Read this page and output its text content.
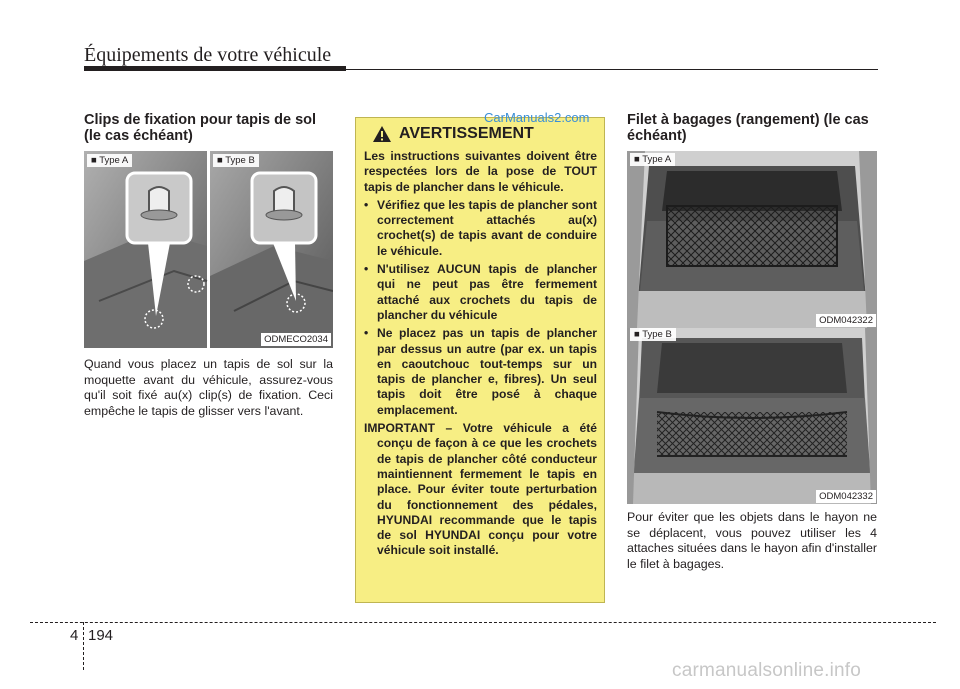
Équipements de votre véhicule
CarManuals2.com
Clips de fixation pour tapis de sol (le cas échéant)
■ Type A	■ Type B
ODMECO2034
Quand vous placez un tapis de sol sur la moquette avant du véhicule, assurez-vous qu'il soit fixé au(x) clip(s) de fixation. Ceci empêche le tapis de glisser vers l'avant.
AVERTISSEMENT

Les instructions suivantes doivent être respectées lors de la pose de TOUT tapis de plancher dans le véhicule.

• Vérifiez que les tapis de plancher sont correctement attachés au(x) crochet(s) de tapis avant de conduire le véhicule.
• N'utilisez AUCUN tapis de plancher qui ne peut pas être fermement attaché aux crochets du tapis de plancher du véhicule
• Ne placez pas un tapis de plancher par dessus un autre (par ex. un tapis en caoutchouc tout-temps sur un tapis de plancher e, fibres). Un seul tapis doit être posé à chaque emplacement.

IMPORTANT – Votre véhicule a été conçu de façon à ce que les crochets de tapis de plancher côté conducteur maintiennent fermement le tapis en place. Pour éviter toute perturbation du fonctionnement des pédales, HYUNDAI recommande que le tapis de sol HYUNDAI conçu pour votre véhicule soit installé.

Filet à bagages (rangement) (le cas échéant)
■ Type A
ODM042322
■ Type B
ODM042332
Pour éviter que les objets dans le hayon ne se déplacent, vous pouvez utiliser les 4 attaches situées dans le hayon afin d'installer le filet à bagages.
4 194
carmanualsonline.info
